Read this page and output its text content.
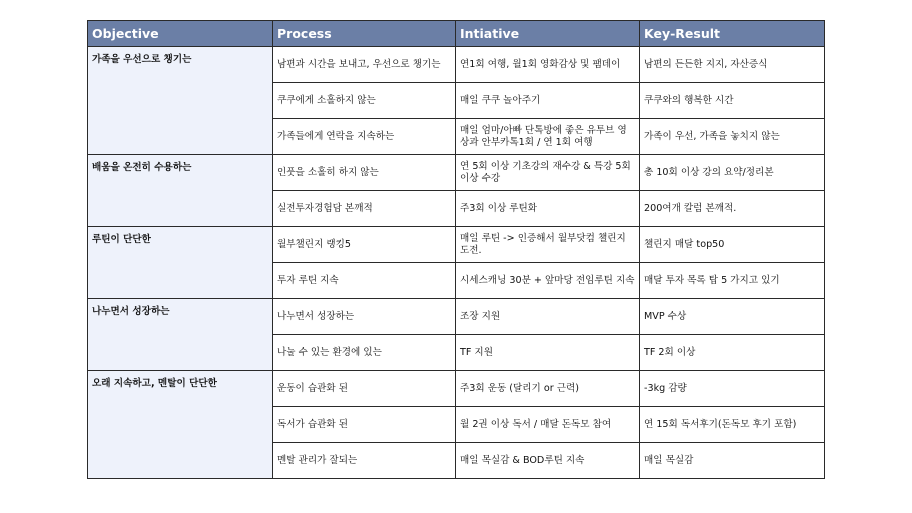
Objective	Process	Intiative	Key-Result
가족을 우선으로 챙기는	남편과 시간을 보내고, 우선으로 챙기는	연1회 여행, 월1회 영화감상 및 팸데이	남편의 든든한 지지, 자산증식
	쿠쿠에게 소홀하지 않는	매일 쿠쿠 놀아주기	쿠쿠와의 행복한 시간
	가족들에게 연락을 지속하는	매일 엄마/아빠 단톡방에 좋은 유투브 영상과 안부카톡1회 / 연 1회 여행	가족이 우선, 가족을 놓치지 않는
배움을 온전히 수용하는	인풋을 소홀히 하지 않는	연 5회 이상 기초강의 재수강 & 특강 5회 이상 수강	총 10회 이상 강의 요약/정리본
	실전투자경험담 본깨적	주3회 이상 루틴화	200여개 칼럼 본깨적.
루틴이 단단한	월부챌린지 랭킹5	매일 루틴 -> 인증해서 월부닷컴 챌린지 도전.	챌린지 매달 top50
	투자 루틴 지속	시세스캐닝 30분 + 앞마당 전임루틴 지속	매달 투자 목록 탑 5 가지고 있기
나누면서 성장하는	나누면서 성장하는	조장 지원	MVP 수상
	나눌 수 있는 환경에 있는	TF 지원	TF 2회 이상
오래 지속하고, 멘탈이 단단한	운동이 습관화 된	주3회 운동 (달리기 or 근력)	-3kg 감량
	독서가 습관화 된	월 2권 이상 독서 / 매달 돈독모 참여	연 15회 독서후기(돈독모 후기 포함)
	멘탈 관리가 잘되는	매일 목실감 & BOD루틴 지속	매일 목실감
